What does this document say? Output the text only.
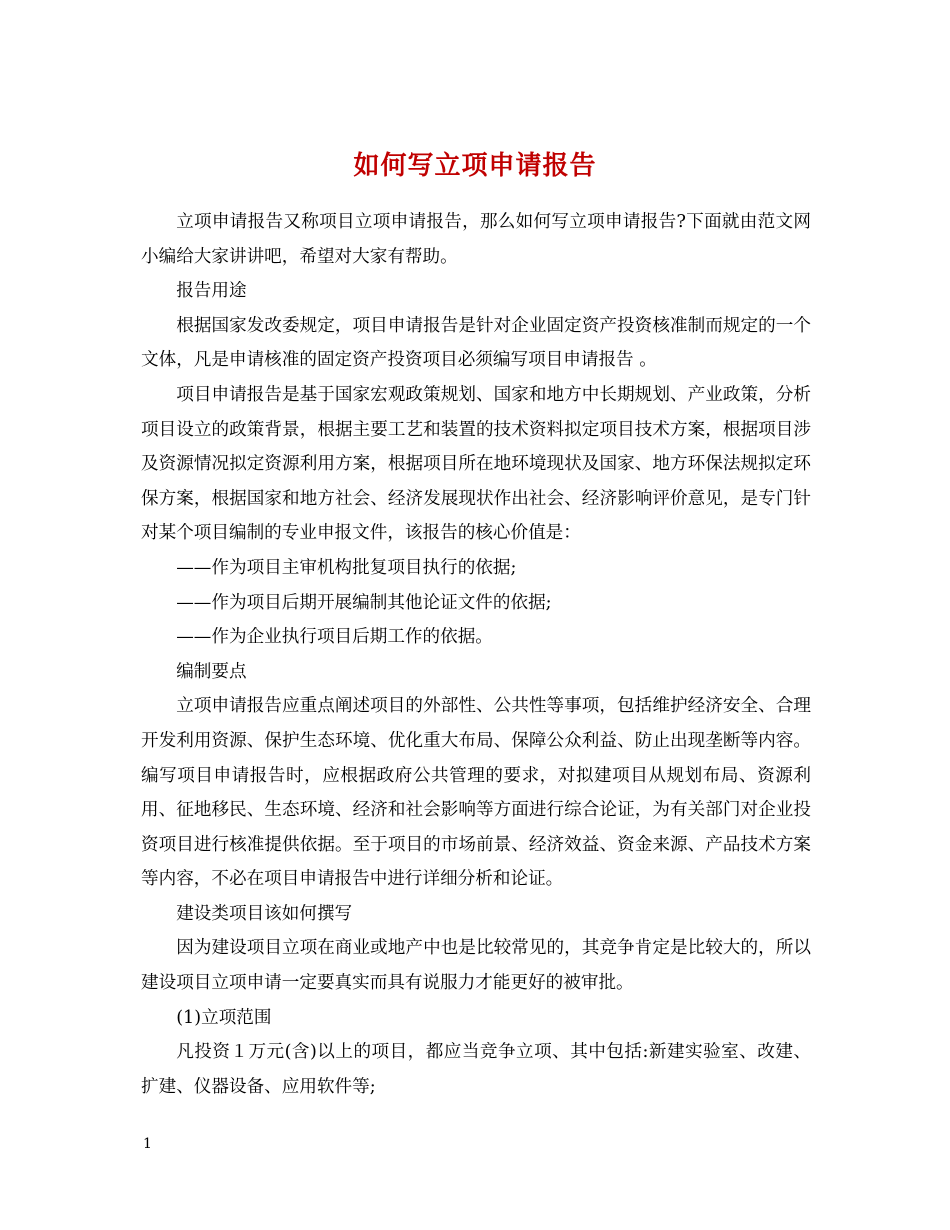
如何写立项申请报告

立项申请报告又称项目立项申请报告，那么如何写立项申请报告?下面就由范文网小编给大家讲讲吧，希望对大家有帮助。

报告用途

根据国家发改委规定，项目申请报告是针对企业固定资产投资核准制而规定的一个文体，凡是申请核准的固定资产投资项目必须编写项目申请报告 。

项目申请报告是基于国家宏观政策规划、国家和地方中长期规划、产业政策，分析项目设立的政策背景，根据主要工艺和装置的技术资料拟定项目技术方案，根据项目涉及资源情况拟定资源利用方案，根据项目所在地环境现状及国家、地方环保法规拟定环保方案，根据国家和地方社会、经济发展现状作出社会、经济影响评价意见，是专门针对某个项目编制的专业申报文件，该报告的核心价值是：

——作为项目主审机构批复项目执行的依据;

——作为项目后期开展编制其他论证文件的依据;

——作为企业执行项目后期工作的依据。

编制要点

立项申请报告应重点阐述项目的外部性、公共性等事项，包括维护经济安全、合理开发利用资源、保护生态环境、优化重大布局、保障公众利益、防止出现垄断等内容。编写项目申请报告时，应根据政府公共管理的要求，对拟建项目从规划布局、资源利用、征地移民、生态环境、经济和社会影响等方面进行综合论证，为有关部门对企业投资项目进行核准提供依据。至于项目的市场前景、经济效益、资金来源、产品技术方案等内容，不必在项目申请报告中进行详细分析和论证。

建设类项目该如何撰写

因为建设项目立项在商业或地产中也是比较常见的，其竞争肯定是比较大的，所以建设项目立项申请一定要真实而具有说服力才能更好的被审批。

(1)立项范围

凡投资１万元(含)以上的项目，都应当竞争立项、其中包括:新建实验室、改建、扩建、仪器设备、应用软件等;

1
